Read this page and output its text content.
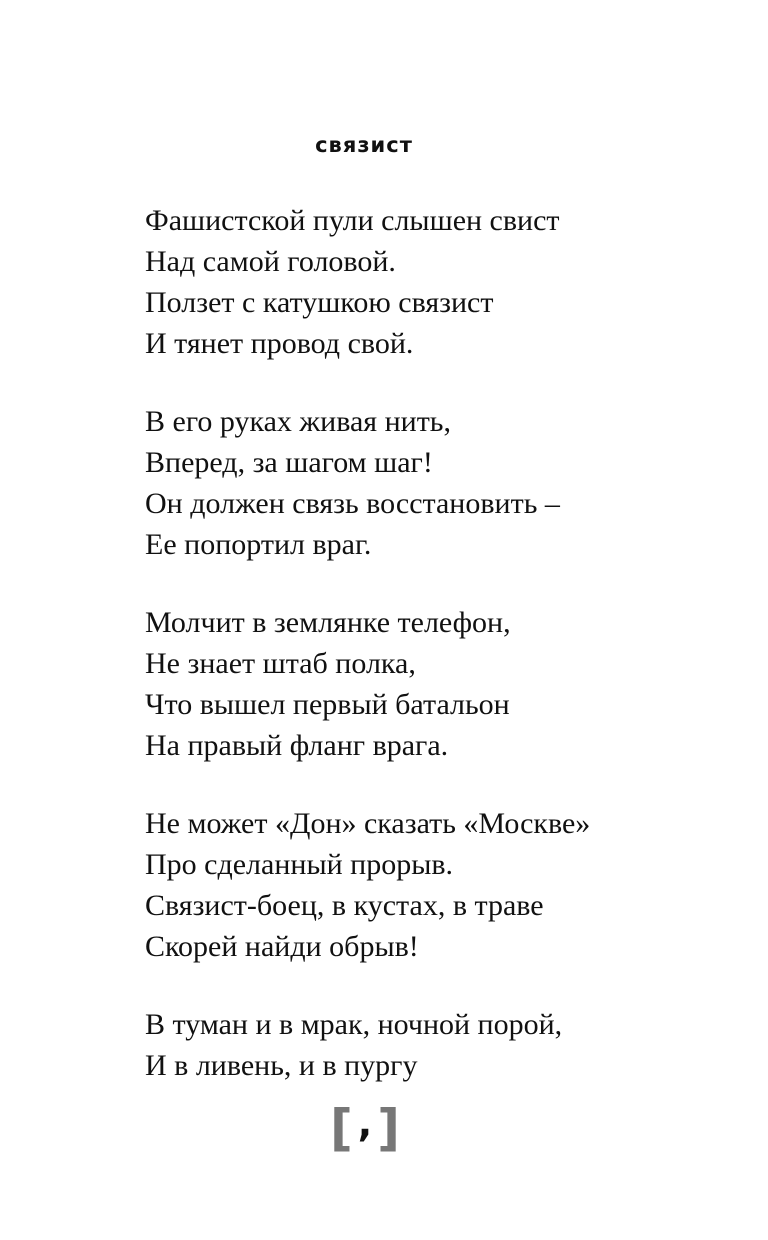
связист
Фашистской пули слышен свист
Над самой головой.
Ползет с катушкою связист
И тянет провод свой.
В его руках живая нить,
Вперед, за шагом шаг!
Он должен связь восстановить –
Ее попортил враг.
Молчит в землянке телефон,
Не знает штаб полка,
Что вышел первый батальон
На правый фланг врага.
Не может «Дон» сказать «Москве»
Про сделанный прорыв.
Связист-боец, в кустах, в траве
Скорей найди обрыв!
В туман и в мрак, ночной порой,
И в ливень, и в пургу
[ , ]
